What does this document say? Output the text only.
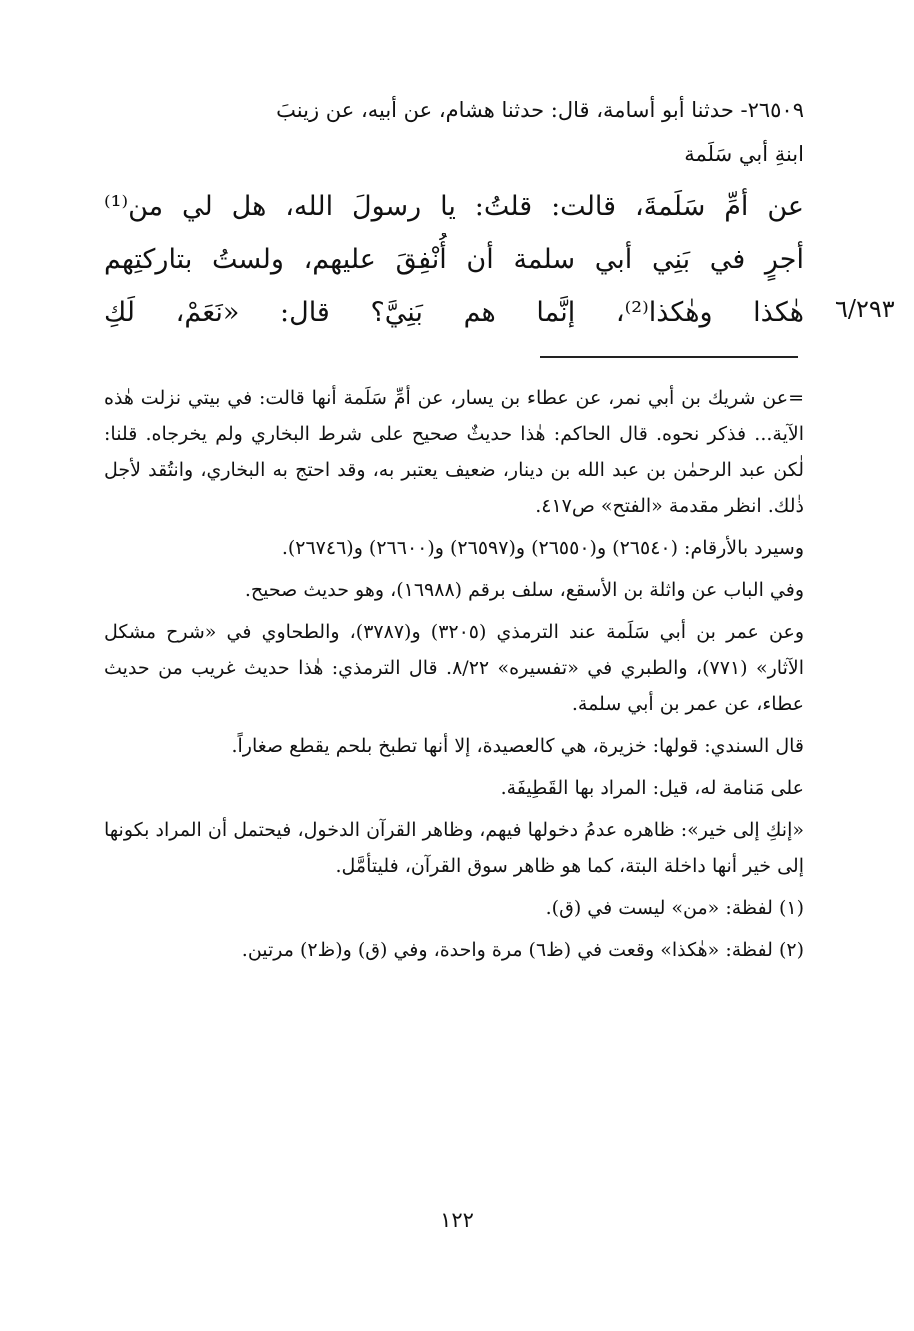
٢٦٥٠٩- حدثنا أبو أسامة، قال: حدثنا هشام، عن أبيه، عن زينبَ
ابنةِ أبي سَلَمة
عن أمِّ سَلَمةَ، قالت: قلتُ: يا رسولَ الله، هل لي من⁽¹⁾
أجرٍ في بَنِي أبي سلمة أن أُنْفِقَ عليهم، ولستُ بتاركتِهم
هٰكذا وهٰكذا⁽²⁾، إنَّما هم بَنِيَّ؟ قال: «نَعَمْ، لَكِ ٦/٢٩٣

=عن شريك بن أبي نمر، عن عطاء بن يسار، عن أمِّ سَلَمة أنها قالت: في بيتي نزلت هٰذه الآية... فذكر نحوه. قال الحاكم: هٰذا حديثٌ صحيح على شرط البخاري ولم يخرجاه. قلنا: لٰكن عبد الرحمٰن بن عبد الله بن دينار، ضعيف يعتبر به، وقد احتج به البخاري، وانتُقد لأجل ذٰلك. انظر مقدمة «الفتح» ص٤١٧.

وسيرد بالأرقام: (٢٦٥٤٠) و(٢٦٥٥٠) و(٢٦٥٩٧) و(٢٦٦٠٠) و(٢٦٧٤٦).

وفي الباب عن واثلة بن الأسقع، سلف برقم (١٦٩٨٨)، وهو حديث صحيح.

وعن عمر بن أبي سَلَمة عند الترمذي (٣٢٠٥) و(٣٧٨٧)، والطحاوي في «شرح مشكل الآثار» (٧٧١)، والطبري في «تفسيره» ٨/٢٢. قال الترمذي: هٰذا حديث غريب من حديث عطاء، عن عمر بن أبي سلمة.

قال السندي: قولها: خزيرة، هي كالعصيدة، إلا أنها تطبخ بلحم يقطع صغاراً.

على مَنامة له، قيل: المراد بها القَطِيفَة.

«إنكِ إلى خير»: ظاهره عدمُ دخولها فيهم، وظاهر القرآن الدخول، فيحتمل أن المراد بكونها إلى خير أنها داخلة البتة، كما هو ظاهر سوق القرآن، فليتأمَّل.

(١) لفظة: «من» ليست في (ق).

(٢) لفظة: «هٰكذا» وقعت في (ظ٦) مرة واحدة، وفي (ق) و(ظ٢) مرتين.

١٢٢
